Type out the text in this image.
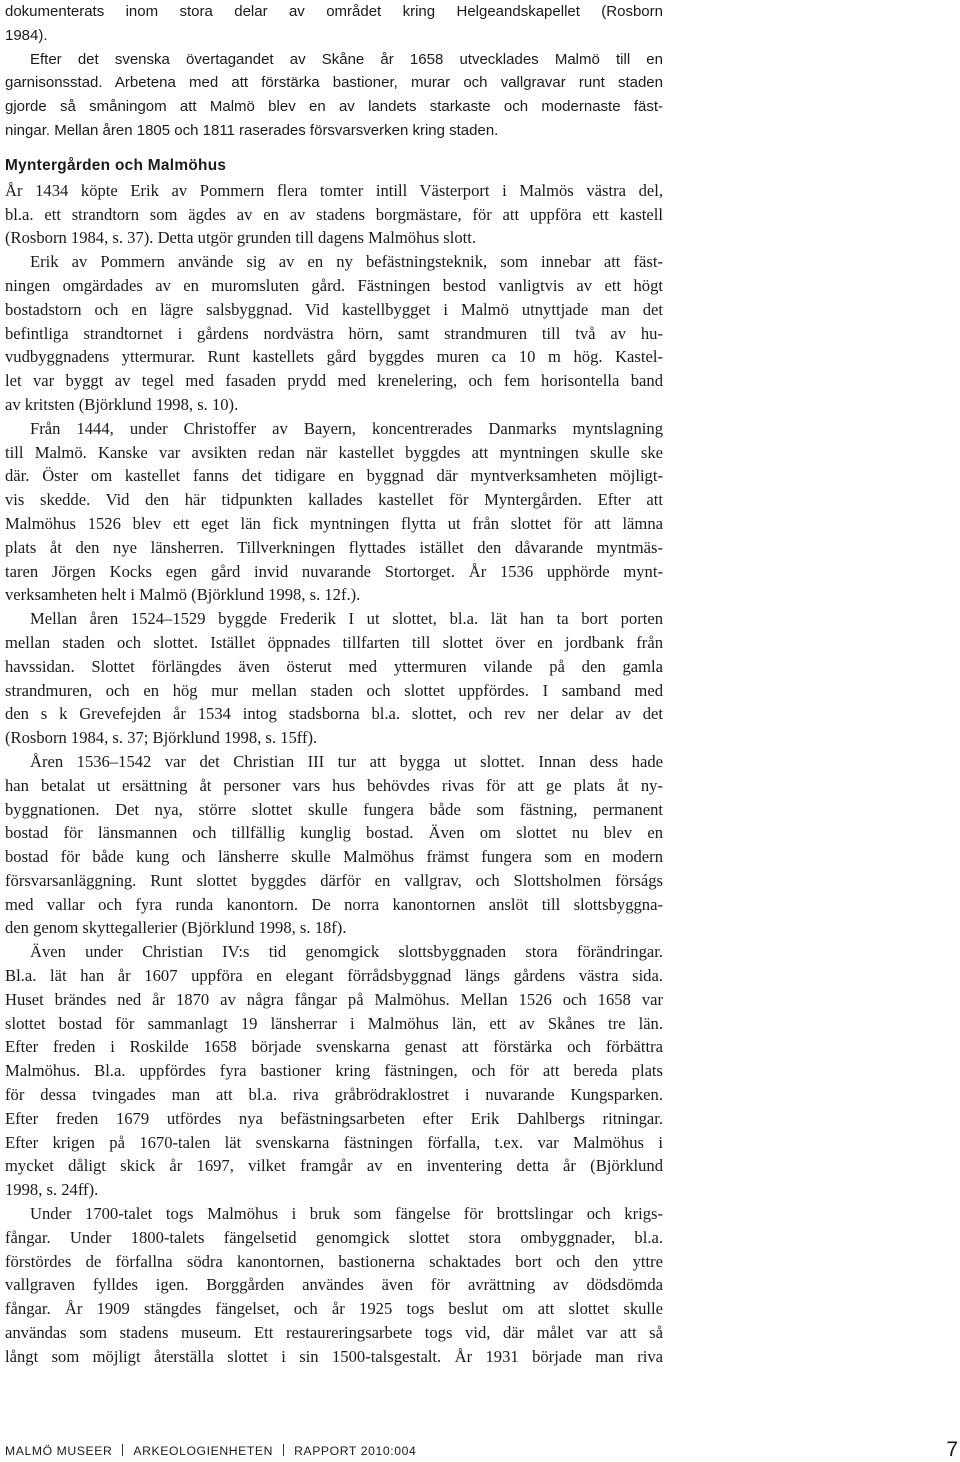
dokumenterats inom stora delar av området kring Helgeandskapellet (Rosborn
1984).
Efter det svenska övertagandet av Skåne år 1658 utvecklades Malmö till en
garnisonsstad. Arbetena med att förstärka bastioner, murar och vallgravar runt staden
gjorde så småningom att Malmö blev en av landets starkaste och modernaste fäst-
ningar. Mellan åren 1805 och 1811 raserades försvarsverken kring staden.
Myntergården och Malmöhus
År 1434 köpte Erik av Pommern flera tomter intill Västerport i Malmös västra del,
bl.a. ett strandtorn som ägdes av en av stadens borgmästare, för att uppföra ett kastell
(Rosborn 1984, s. 37). Detta utgör grunden till dagens Malmöhus slott.
Erik av Pommern använde sig av en ny befästningsteknik, som innebar att fäst-
ningen omgärdades av en muromsluten gård. Fästningen bestod vanligtvis av ett högt
bostadstorn och en lägre salsbyggnad. Vid kastellbygget i Malmö utnyttjade man det
befintliga strandtornet i gårdens nordvästra hörn, samt strandmuren till två av hu-
vudbyggnadens yttermurar. Runt kastellets gård byggdes muren ca 10 m hög. Kastel-
let var byggt av tegel med fasaden prydd med krenelering, och fem horisontella band
av kritsten (Björklund 1998, s. 10).
Från 1444, under Christoffer av Bayern, koncentrerades Danmarks myntslagning
till Malmö. Kanske var avsikten redan när kastellet byggdes att myntningen skulle ske
där. Öster om kastellet fanns det tidigare en byggnad där myntverksamheten möjligt-
vis skedde. Vid den här tidpunkten kallades kastellet för Myntergården. Efter att
Malmöhus 1526 blev ett eget län fick myntningen flytta ut från slottet för att lämna
plats åt den nye länsherren. Tillverkningen flyttades istället den dåvarande myntmäs-
taren Jörgen Kocks egen gård invid nuvarande Stortorget. År 1536 upphörde mynt-
verksamheten helt i Malmö (Björklund 1998, s. 12f.).
Mellan åren 1524–1529 byggde Frederik I ut slottet, bl.a. lät han ta bort porten
mellan staden och slottet. Istället öppnades tillfarten till slottet över en jordbank från
havssidan. Slottet förlängdes även österut med yttermuren vilande på den gamla
strandmuren, och en hög mur mellan staden och slottet uppfördes. I samband med
den s k Grevefejden år 1534 intog stadsborna bl.a. slottet, och rev ner delar av det
(Rosborn 1984, s. 37; Björklund 1998, s. 15ff).
Åren 1536–1542 var det Christian III tur att bygga ut slottet. Innan dess hade
han betalat ut ersättning åt personer vars hus behövdes rivas för att ge plats åt ny-
byggnationen. Det nya, större slottet skulle fungera både som fästning, permanent
bostad för länsmannen och tillfällig kunglig bostad. Även om slottet nu blev en
bostad för både kung och länsherre skulle Malmöhus främst fungera som en modern
försvarsanläggning. Runt slottet byggdes därför en vallgrav, och Slottsholmen förságs
med vallar och fyra runda kanontorn. De norra kanontornen anslöt till slottsbyggna-
den genom skyttegallerier (Björklund 1998, s. 18f).
Även under Christian IV:s tid genomgick slottsbyggnaden stora förändringar.
Bl.a. lät han år 1607 uppföra en elegant förrådsbyggnad längs gårdens västra sida.
Huset brändes ned år 1870 av några fångar på Malmöhus. Mellan 1526 och 1658 var
slottet bostad för sammanlagt 19 länsherrar i Malmöhus län, ett av Skånes tre län.
Efter freden i Roskilde 1658 började svenskarna genast att förstärka och förbättra
Malmöhus. Bl.a. uppfördes fyra bastioner kring fästningen, och för att bereda plats
för dessa tvingades man att bl.a. riva gråbrödraklostret i nuvarande Kungsparken.
Efter freden 1679 utfördes nya befästningsarbeten efter Erik Dahlbergs ritningar.
Efter krigen på 1670-talen lät svenskarna fästningen förfalla, t.ex. var Malmöhus i
mycket dåligt skick år 1697, vilket framgår av en inventering detta år (Björklund
1998, s. 24ff).
Under 1700-talet togs Malmöhus i bruk som fängelse för brottslingar och krigs-
fångar. Under 1800-talets fängelsetid genomgick slottet stora ombyggnader, bl.a.
förstördes de förfallna södra kanontornen, bastionerna schaktades bort och den yttre
vallgraven fylldes igen. Borggården användes även för avrättning av dödsdömda
fångar. År 1909 stängdes fängelset, och år 1925 togs beslut om att slottet skulle
användas som stadens museum. Ett restaureringsarbete togs vid, där målet var att så
långt som möjligt återställa slottet i sin 1500-talsgestalt. År 1931 började man riva
MALMÖ MUSEER ARKEOLOGIENHETEN RAPPORT 2010:004	7
